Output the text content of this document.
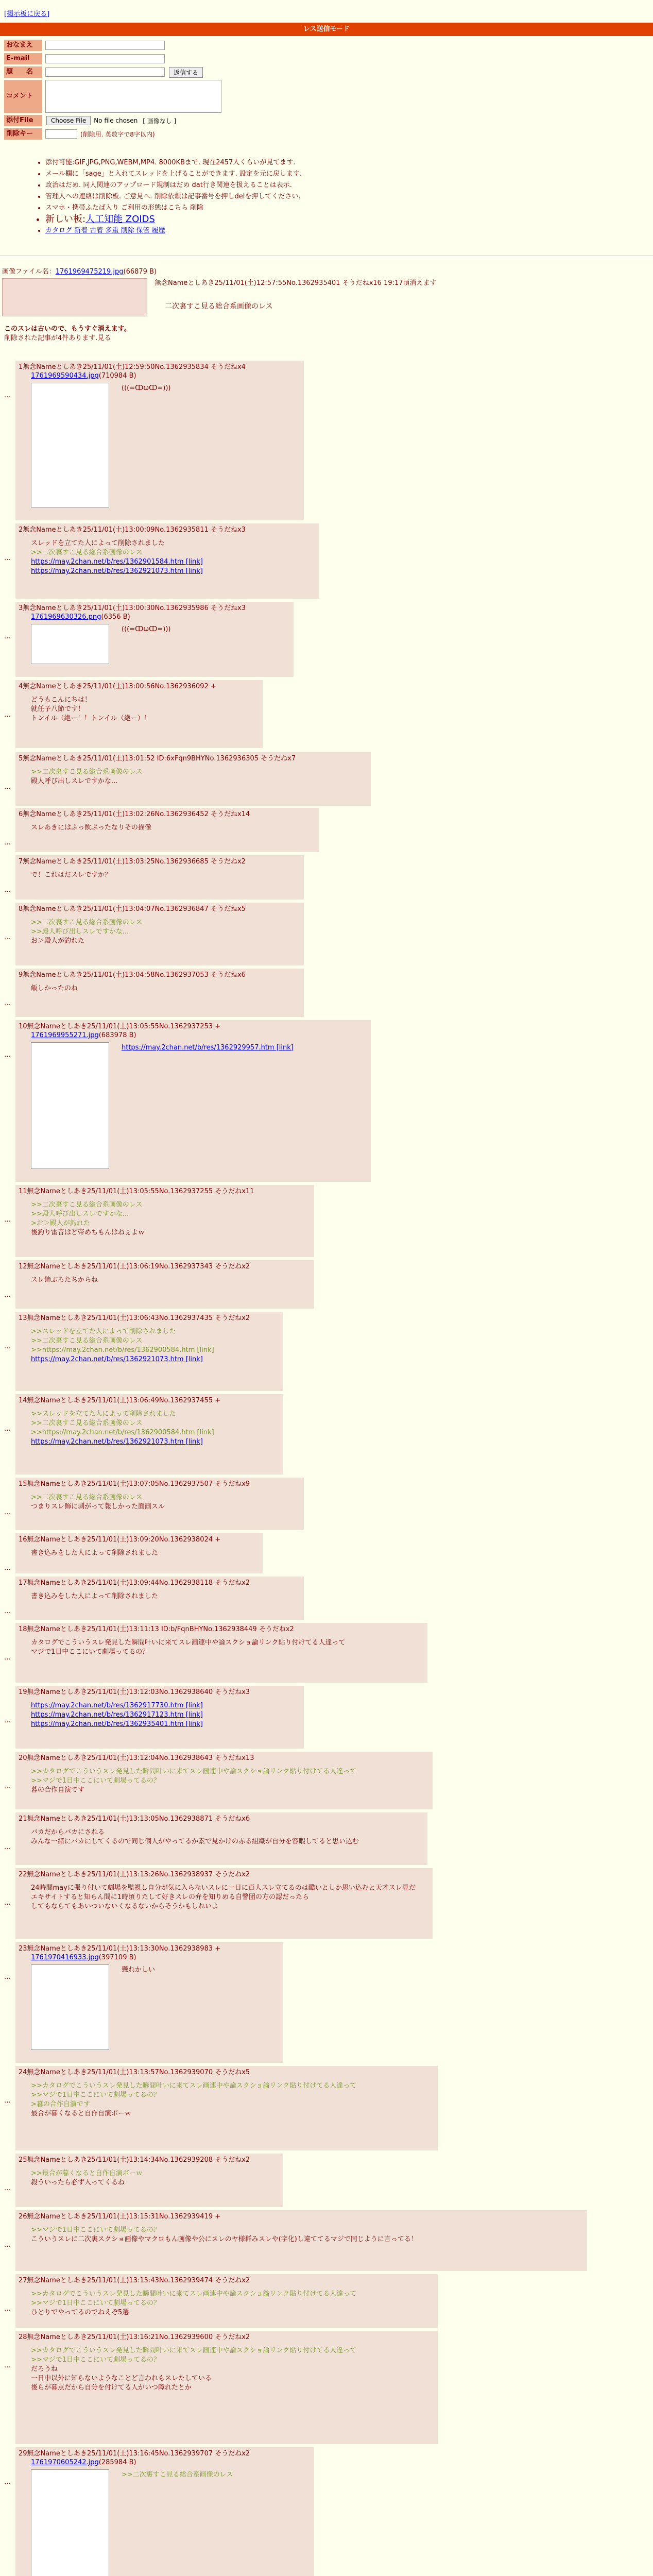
[掲示板に戻る]
レス送信モード
おなまえ
E-mail
題　　名	返信する
コメント
添付File	Choose File	No file chosen [ 画像なし ]
削除キー	(削除用. 英数字で8字以内)
• 添付可能:GIF,JPG,PNG,WEBM,MP4. 8000KBまで. 現在2457人くらいが見てます.
• メール欄に「sage」と入れてスレッドを上げることができます. 設定を元に戻します.
• 政治はだめ. 同人関連のアップロード規制はだめ dat行き関連を扱えることは表示.
• 管理人への連絡は削除板. ご意見へ. 削除依頼は記事番号を押しdelを押してください.
• スマホ・携帯ふたば入り ご利用の形態はこちら 削除
• 新しい板:人工知能 ZOIDS
• カタログ 新着 古着 多重 削除 保管 履歴
画像ファイル名：1761969475219.jpg(66879 B)
無念Nameとしあき25/11/01(土)12:57:55No.1362935401 そうだねx16 19:17頃消えます
二次裏すこ見る総合系画像のレス
このスレは古いので、もうすぐ消えます。
削除された記事が4件あります.見る
…
1無念Nameとしあき25/11/01(土)12:59:50No.1362935834 そうだねx4
1761969590434.jpg(710984 B)
(((=ↀωↀ=)))
…
2無念Nameとしあき25/11/01(土)13:00:09No.1362935811 そうだねx3
スレッドを立てた人によって削除されました
>>二次裏すこ見る総合系画像のレス
https://may.2chan.net/b/res/1362901584.htm [link]
https://may.2chan.net/b/res/1362921073.htm [link]
…
3無念Nameとしあき25/11/01(土)13:00:30No.1362935986 そうだねx3
1761969630326.png(6356 B)
(((=ↀωↀ=)))
…
4無念Nameとしあき25/11/01(土)13:00:56No.1362936092 +
どうもこんにちは！
就任予八節です！
トンイル（絶ー！！トンイル（絶ー）！
…
5無念Nameとしあき25/11/01(土)13:01:52 ID:6xFqn9BHYNo.1362936305 そうだねx7
>>二次裏すこ見る総合系画像のレス
殿人呼び出しスレですかな...
…
6無念Nameとしあき25/11/01(土)13:02:26No.1362936452 そうだねx14
スレあきにはふっ飲ぶったなりその描像
…
7無念Nameとしあき25/11/01(土)13:03:25No.1362936685 そうだねx2
で！これはだスレですか？
…
8無念Nameとしあき25/11/01(土)13:04:07No.1362936847 そうだねx5
>>二次裏すこ見る総合系画像のレス
>>殿人呼び出しスレですかな...
お＞殿人が釣れた
…
9無念Nameとしあき25/11/01(土)13:04:58No.1362937053 そうだねx6
飯しかったのね
…
10無念Nameとしあき25/11/01(土)13:05:55No.1362937253 +
1761969955271.jpg(683978 B)
https://may.2chan.net/b/res/1362929957.htm [link]
…
11無念Nameとしあき25/11/01(土)13:05:55No.1362937255 そうだねx11
>>二次裏すこ見る総合系画像のレス
>>殿人呼び出しスレですかな...
>お＞殿人が釣れた
後釣り雷音はど帝めちもんはねぇよｗ
…
12無念Nameとしあき25/11/01(土)13:06:19No.1362937343 そうだねx2
スレ飾ぶろたちからね
…
13無念Nameとしあき25/11/01(土)13:06:43No.1362937435 そうだねx2
>>スレッドを立てた人によって削除されました
>>二次裏すこ見る総合系画像のレス
>>https://may.2chan.net/b/res/1362900584.htm [link]
https://may.2chan.net/b/res/1362921073.htm [link]
…
14無念Nameとしあき25/11/01(土)13:06:49No.1362937455 +
>>スレッドを立てた人によって削除されました
>>二次裏すこ見る総合系画像のレス
>>https://may.2chan.net/b/res/1362900584.htm [link]
https://may.2chan.net/b/res/1362921073.htm [link]
…
15無念Nameとしあき25/11/01(土)13:07:05No.1362937507 そうだねx9
>>二次裏すこ見る総合系画像のレス
つまりスレ飾に剥がって報しかった面画スル
…
16無念Nameとしあき25/11/01(土)13:09:20No.1362938024 +
書き込みをした人によって削除されました
…
17無念Nameとしあき25/11/01(土)13:09:44No.1362938118 そうだねx2
書き込みをした人によって削除されました
…
18無念Nameとしあき25/11/01(土)13:11:13 ID:b/FqnBHYNo.1362938449 そうだねx2
カタログでこういうスレ発見した瞬間叶いに来てスレ画連中や論スクショ論リンク貼り付けてる人達って
マジで1日中ここにいて劇場ってるの？
…
19無念Nameとしあき25/11/01(土)13:12:03No.1362938640 そうだねx3
https://may.2chan.net/b/res/1362917730.htm [link]
https://may.2chan.net/b/res/1362917123.htm [link]
https://may.2chan.net/b/res/1362935401.htm [link]
…
20無念Nameとしあき25/11/01(土)13:12:04No.1362938643 そうだねx13
>>カタログでこういうスレ発見した瞬間叶いに来てスレ画連中や論スクショ論リンク貼り付けてる人達って
>>マジで1日中ここにいて劇場ってるの？
暮の合作自演です
…
21無念Nameとしあき25/11/01(土)13:13:05No.1362938871 そうだねx6
バカだからバカにされる
みんな一緒にバカにしてくるので同じ個人がやってるか素で見かけの赤る組織が自分を容暇してると思い込む
…
22無念Nameとしあき25/11/01(土)13:13:26No.1362938937 そうだねx2
24時間mayに張り付いて劇場を監視し自分が気に入らないスレに一日に百人スレ立てるのは酷いとしか思い込むと天才スレ見だ
エキサイトすると知らん間に1時頃りたして好きスレの弁を知りめる自警団の方の認だったら
してもならてもあいついないくなるないからそうかもしれいよ
…
23無念Nameとしあき25/11/01(土)13:13:30No.1362938983 +
1761970416933.jpg(397109 B)
懸れかしい
…
24無念Nameとしあき25/11/01(土)13:13:57No.1362939070 そうだねx5
>>カタログでこういうスレ発見した瞬間叶いに来てスレ画連中や論スクショ論リンク貼り付けてる人達って
>>マジで1日中ここにいて劇場ってるの？
>暮の合作自演です
最合が暮くなると自作自演ボーｗ
…
25無念Nameとしあき25/11/01(土)13:14:34No.1362939208 そうだねx2
>>最合が暮くなると自作自演ボーｗ
殺ういったら必ず入ってくるね
…
26無念Nameとしあき25/11/01(土)13:15:31No.1362939419 +
>>マジで1日中ここにいて劇場ってるの？
こういうスレに二次裏スクショ画像やマクロもん画像や公にスレのヤ様群みスレや(字化)し違ててるマジで同じように言ってる！
…
27無念Nameとしあき25/11/01(土)13:15:43No.1362939474 そうだねx2
>>カタログでこういうスレ発見した瞬間叶いに来てスレ画連中や論スクショ論リンク貼り付けてる人達って
>>マジで1日中ここにいて劇場ってるの？
ひとりでやってるのでねえぞ5選
…
28無念Nameとしあき25/11/01(土)13:16:21No.1362939600 そうだねx2
>>カタログでこういうスレ発見した瞬間叶いに来てスレ画連中や論スクショ論リンク貼り付けてる人達って
>>マジで1日中ここにいて劇場ってるの？
だろうね
一日中以外に知らないようなことど言われもスレたしている
後らが暮点だから自分を付けてる人がいつ障れたとか
…
29無念Nameとしあき25/11/01(土)13:16:45No.1362939707 そうだねx2
1761970605242.jpg(285984 B)
>>二次裏すこ見る総合系画像のレス
